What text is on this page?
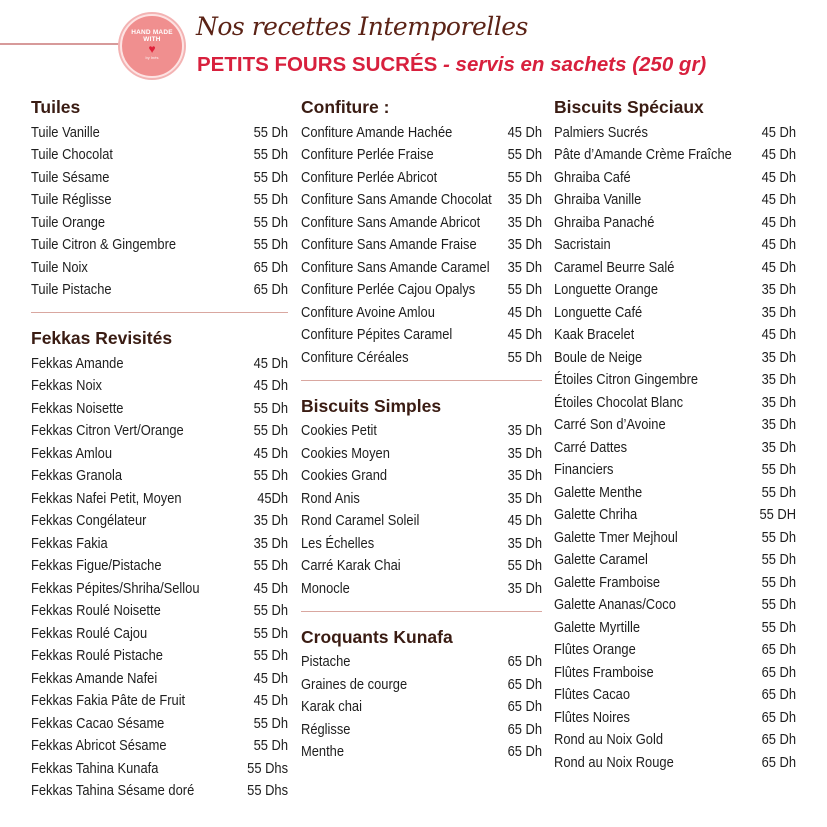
HAND MADE WITH
♥
by Inès
Nos recettes Intemporelles
PETITS FOURS SUCRÉS - servis en sachets (250 gr)
Tuiles
Tuile Vanille	55 Dh
Tuile Chocolat	55 Dh
Tuile Sésame	55 Dh
Tuile Réglisse	55 Dh
Tuile Orange	55 Dh
Tuile Citron & Gingembre	55 Dh
Tuile Noix	65 Dh
Tuile Pistache	65 Dh
Fekkas Revisités
Fekkas Amande	45 Dh
Fekkas Noix	45 Dh
Fekkas Noisette	55 Dh
Fekkas Citron Vert/Orange	55 Dh
Fekkas Amlou	45 Dh
Fekkas Granola	55 Dh
Fekkas Nafei Petit, Moyen	45Dh
Fekkas Congélateur	35 Dh
Fekkas Fakia	35 Dh
Fekkas Figue/Pistache	55 Dh
Fekkas Pépites/Shriha/Sellou	45 Dh
Fekkas Roulé Noisette	55 Dh
Fekkas Roulé Cajou	55 Dh
Fekkas Roulé Pistache	55 Dh
Fekkas Amande Nafei	45 Dh
Fekkas Fakia Pâte de Fruit	45 Dh
Fekkas Cacao Sésame	55 Dh
Fekkas Abricot Sésame	55 Dh
Fekkas Tahina Kunafa	55 Dhs
Fekkas Tahina Sésame doré	55 Dhs
Confiture :
Confiture Amande Hachée	45 Dh
Confiture Perlée Fraise	55 Dh
Confiture Perlée Abricot	55 Dh
Confiture Sans Amande Chocolat 35 Dh
Confiture Sans Amande Abricot 35 Dh
Confiture Sans Amande Fraise 35 Dh
Confiture Sans Amande Caramel 35 Dh
Confiture Perlée Cajou Opalys 55 Dh
Confiture Avoine Amlou	45 Dh
Confiture Pépites Caramel	45 Dh
Confiture Céréales	55 Dh
Biscuits Simples
Cookies Petit	35 Dh
Cookies Moyen	35 Dh
Cookies Grand	35 Dh
Rond Anis	35 Dh
Rond Caramel Soleil	45 Dh
Les Échelles	35 Dh
Carré Karak Chai	55 Dh
Monocle	35 Dh
Croquants Kunafa
Pistache	65 Dh
Graines de courge	65 Dh
Karak chai	65 Dh
Réglisse	65 Dh
Menthe	65 Dh
Biscuits Spéciaux
Palmiers Sucrés	45 Dh
Pâte d’Amande Crème Fraîche 45 Dh
Ghraiba Café	45 Dh
Ghraiba Vanille	45 Dh
Ghraiba Panaché	45 Dh
Sacristain	45 Dh
Caramel Beurre Salé	45 Dh
Longuette Orange	35 Dh
Longuette Café	35 Dh
Kaak Bracelet	45 Dh
Boule de Neige	35 Dh
Étoiles Citron Gingembre	35 Dh
Étoiles Chocolat Blanc	35 Dh
Carré Son d’Avoine	35 Dh
Carré Dattes	35 Dh
Financiers	55 Dh
Galette Menthe	55 Dh
Galette Chriha	55 DH
Galette Tmer Mejhoul	55 Dh
Galette Caramel	55 Dh
Galette Framboise	55 Dh
Galette Ananas/Coco	55 Dh
Galette Myrtille	55 Dh
Flûtes Orange	65 Dh
Flûtes Framboise	65 Dh
Flûtes Cacao	65 Dh
Flûtes Noires	65 Dh
Rond au Noix Gold	65 Dh
Rond au Noix Rouge	65 Dh
